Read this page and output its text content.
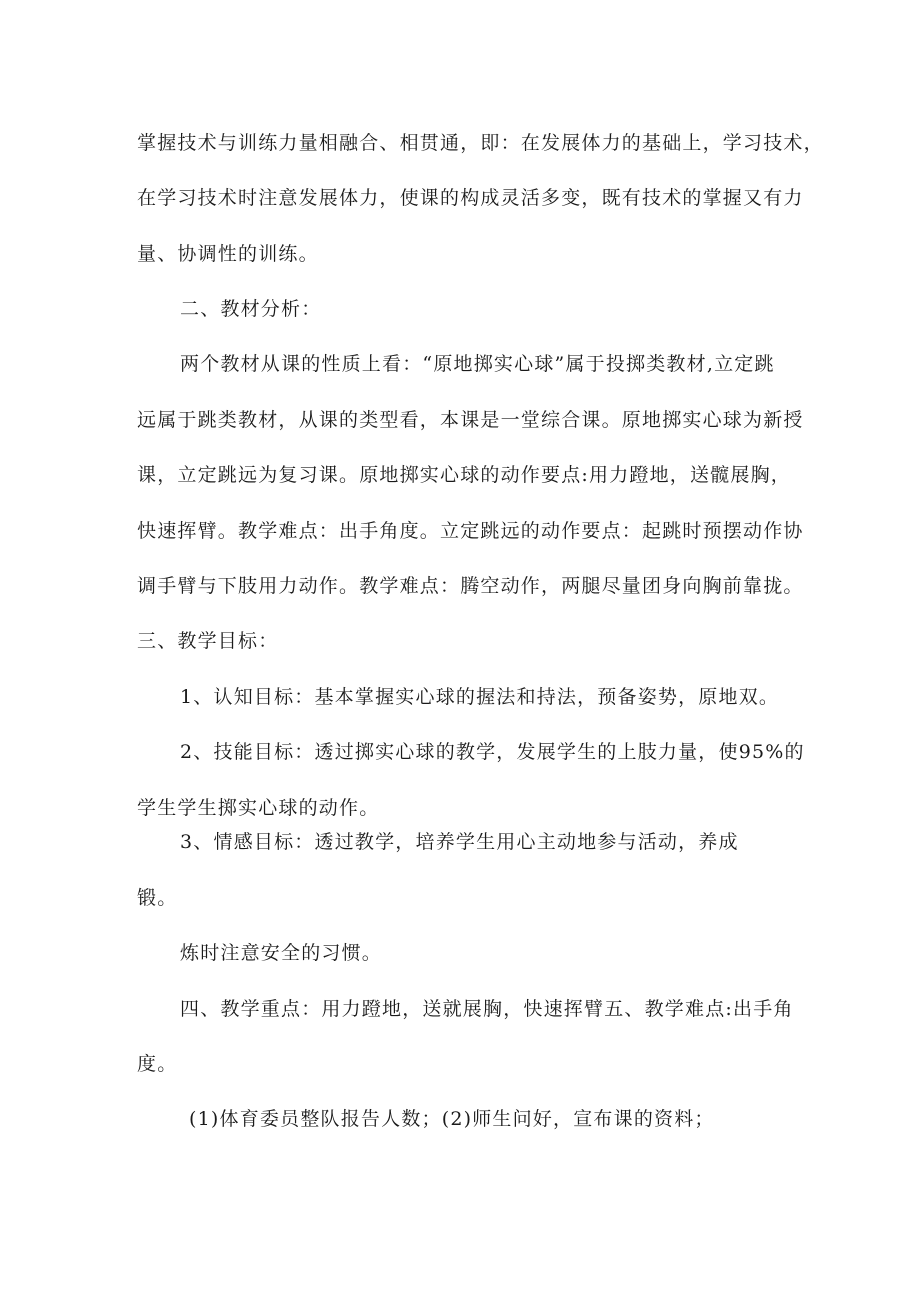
掌握技术与训练力量相融合、相贯通，即：在发展体力的基础上，学习技术，
在学习技术时注意发展体力，使课的构成灵活多变，既有技术的掌握又有力
量、协调性的训练。
二、教材分析：
两个教材从课的性质上看：“原地掷实心球”属于投掷类教材,立定跳
远属于跳类教材，从课的类型看，本课是一堂综合课。原地掷实心球为新授
课，立定跳远为复习课。原地掷实心球的动作要点:用力蹬地，送髋展胸，
快速挥臂。教学难点：出手角度。立定跳远的动作要点：起跳时预摆动作协
调手臂与下肢用力动作。教学难点：腾空动作，两腿尽量团身向胸前靠拢。
三、教学目标：
1、认知目标：基本掌握实心球的握法和持法，预备姿势，原地双。
2、技能目标：透过掷实心球的教学，发展学生的上肢力量，使95%的
学生学生掷实心球的动作。
3、情感目标：透过教学，培养学生用心主动地参与活动，养成
锻。
炼时注意安全的习惯。
四、教学重点：用力蹬地，送就展胸，快速挥臂五、教学难点:出手角
度。
(1)体育委员整队报告人数；(2)师生问好，宣布课的资料；
